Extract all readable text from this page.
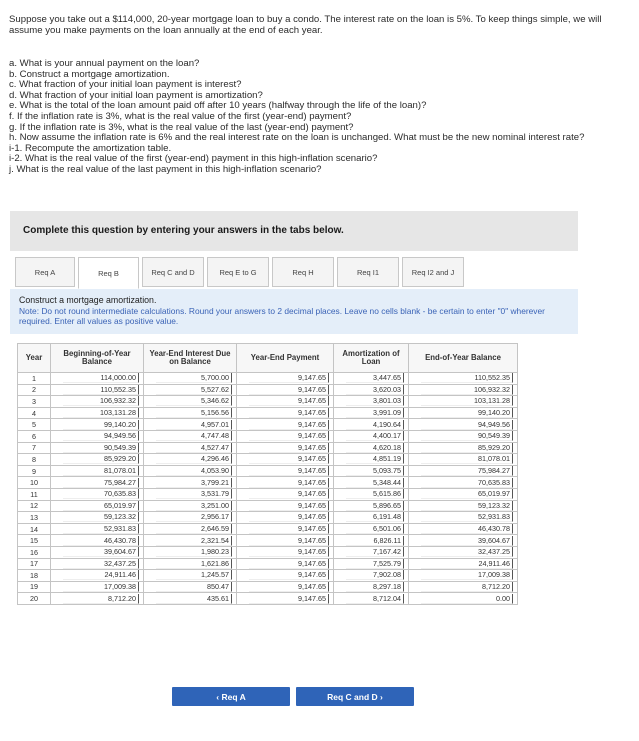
Suppose you take out a $114,000, 20-year mortgage loan to buy a condo. The interest rate on the loan is 5%. To keep things simple, we will assume you make payments on the loan annually at the end of each year.

a. What is your annual payment on the loan?
b. Construct a mortgage amortization.
c. What fraction of your initial loan payment is interest?
d. What fraction of your initial loan payment is amortization?
e. What is the total of the loan amount paid off after 10 years (halfway through the life of the loan)?
f. If the inflation rate is 3%, what is the real value of the first (year-end) payment?
g. If the inflation rate is 3%, what is the real value of the last (year-end) payment?
h. Now assume the inflation rate is 6% and the real interest rate on the loan is unchanged. What must be the new nominal interest rate?
i-1. Recompute the amortization table.
i-2. What is the real value of the first (year-end) payment in this high-inflation scenario?
j. What is the real value of the last payment in this high-inflation scenario?
Complete this question by entering your answers in the tabs below.
Req A	Req B	Req C and D	Req E to G	Req H	Req I1	Req I2 and J
Construct a mortgage amortization.
Note: Do not round intermediate calculations. Round your answers to 2 decimal places. Leave no cells blank - be certain to enter "0" wherever required. Enter all values as positive value.
Year	Beginning-of-Year Balance	Year-End Interest Due on Balance	Year-End Payment	Amortization of Loan	End-of-Year Balance
1	114,000.00	5,700.00	9,147.65	3,447.65	110,552.35

2	110,552.35	5,527.62	9,147.65	3,620.03	106,932.32

3	106,932.32	5,346.62	9,147.65	3,801.03	103,131.28

4	103,131.28	5,156.56	9,147.65	3,991.09	99,140.20

5	99,140.20	4,957.01	9,147.65	4,190.64	94,949.56

6	94,949.56	4,747.48	9,147.65	4,400.17	90,549.39

7	90,549.39	4,527.47	9,147.65	4,620.18	85,929.20

8	85,929.20	4,296.46	9,147.65	4,851.19	81,078.01

9	81,078.01	4,053.90	9,147.65	5,093.75	75,984.27

10	75,984.27	3,799.21	9,147.65	5,348.44	70,635.83

11	70,635.83	3,531.79	9,147.65	5,615.86	65,019.97

12	65,019.97	3,251.00	9,147.65	5,896.65	59,123.32

13	59,123.32	2,956.17	9,147.65	6,191.48	52,931.83

14	52,931.83	2,646.59	9,147.65	6,501.06	46,430.78

15	46,430.78	2,321.54	9,147.65	6,826.11	39,604.67

16	39,604.67	1,980.23	9,147.65	7,167.42	32,437.25

17	32,437.25	1,621.86	9,147.65	7,525.79	24,911.46

18	24,911.46	1,245.57	9,147.65	7,902.08	17,009.38

19	17,009.38	850.47	9,147.65	8,297.18	8,712.20

20	8,712.20	435.61	9,147.65	8,712.04	0.00
‹ Req A	Req C and D ›
